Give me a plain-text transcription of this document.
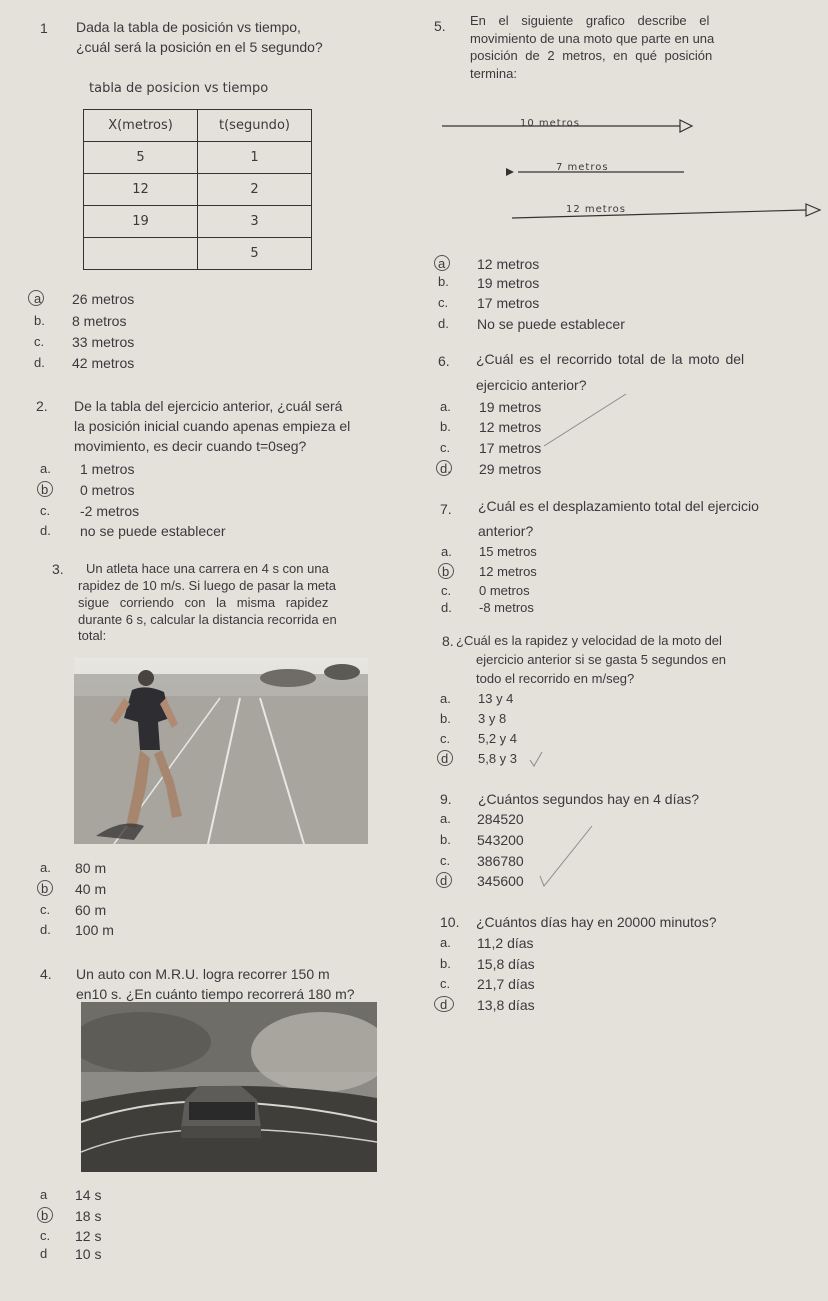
1 Dada la tabla de posición vs tiempo,
¿cuál será la posición en el 5 segundo?
tabla de posicion vs tiempo
X(metros)	t(segundo)
5	1
12	2
19	3
	5
a 26 metros
b. 8 metros
c. 33 metros
d. 42 metros
2. De la tabla del ejercicio anterior, ¿cuál será
la posición inicial cuando apenas empieza el
movimiento, es decir cuando t=0seg?
a. 1 metros
b 0 metros
c. -2 metros
d. no se puede establecer
3. Un atleta hace una carrera en 4 s con una
rapidez de 10 m/s. Si luego de pasar la meta
sigue corriendo con la misma rapidez
durante 6 s, calcular la distancia recorrida en
total:
a. 80 m
b 40 m
c. 60 m
d. 100 m
4. Un auto con M.R.U. logra recorrer 150 m
en10 s. ¿En cuánto tiempo recorrerá 180 m?
a 14 s
b 18 s
c. 12 s
d 10 s
5. En el siguiente grafico describe el
movimiento de una moto que parte en una
posición de 2 metros, en qué posición
termina:
10 metros
7 metros
12 metros
a 12 metros
b. 19 metros
c. 17 metros
d. No se puede establecer
6. ¿Cuál es el recorrido total de la moto del
ejercicio anterior?
a. 19 metros
b. 12 metros
c. 17 metros
d. 29 metros
7. ¿Cuál es el desplazamiento total del ejercicio
anterior?
a. 15 metros
b 12 metros
c. 0 metros
d. -8 metros
8. ¿Cuál es la rapidez y velocidad de la moto del
ejercicio anterior si se gasta 5 segundos en
todo el recorrido en m/seg?
a. 13 y 4
b. 3 y 8
c. 5,2 y 4
d 5,8 y 3
9. ¿Cuántos segundos hay en 4 días?
a. 284520
b. 543200
c. 386780
d 345600
10. ¿Cuántos días hay en 20000 minutos?
a. 11,2 días
b. 15,8 días
c. 21,7 días
d 13,8 días
